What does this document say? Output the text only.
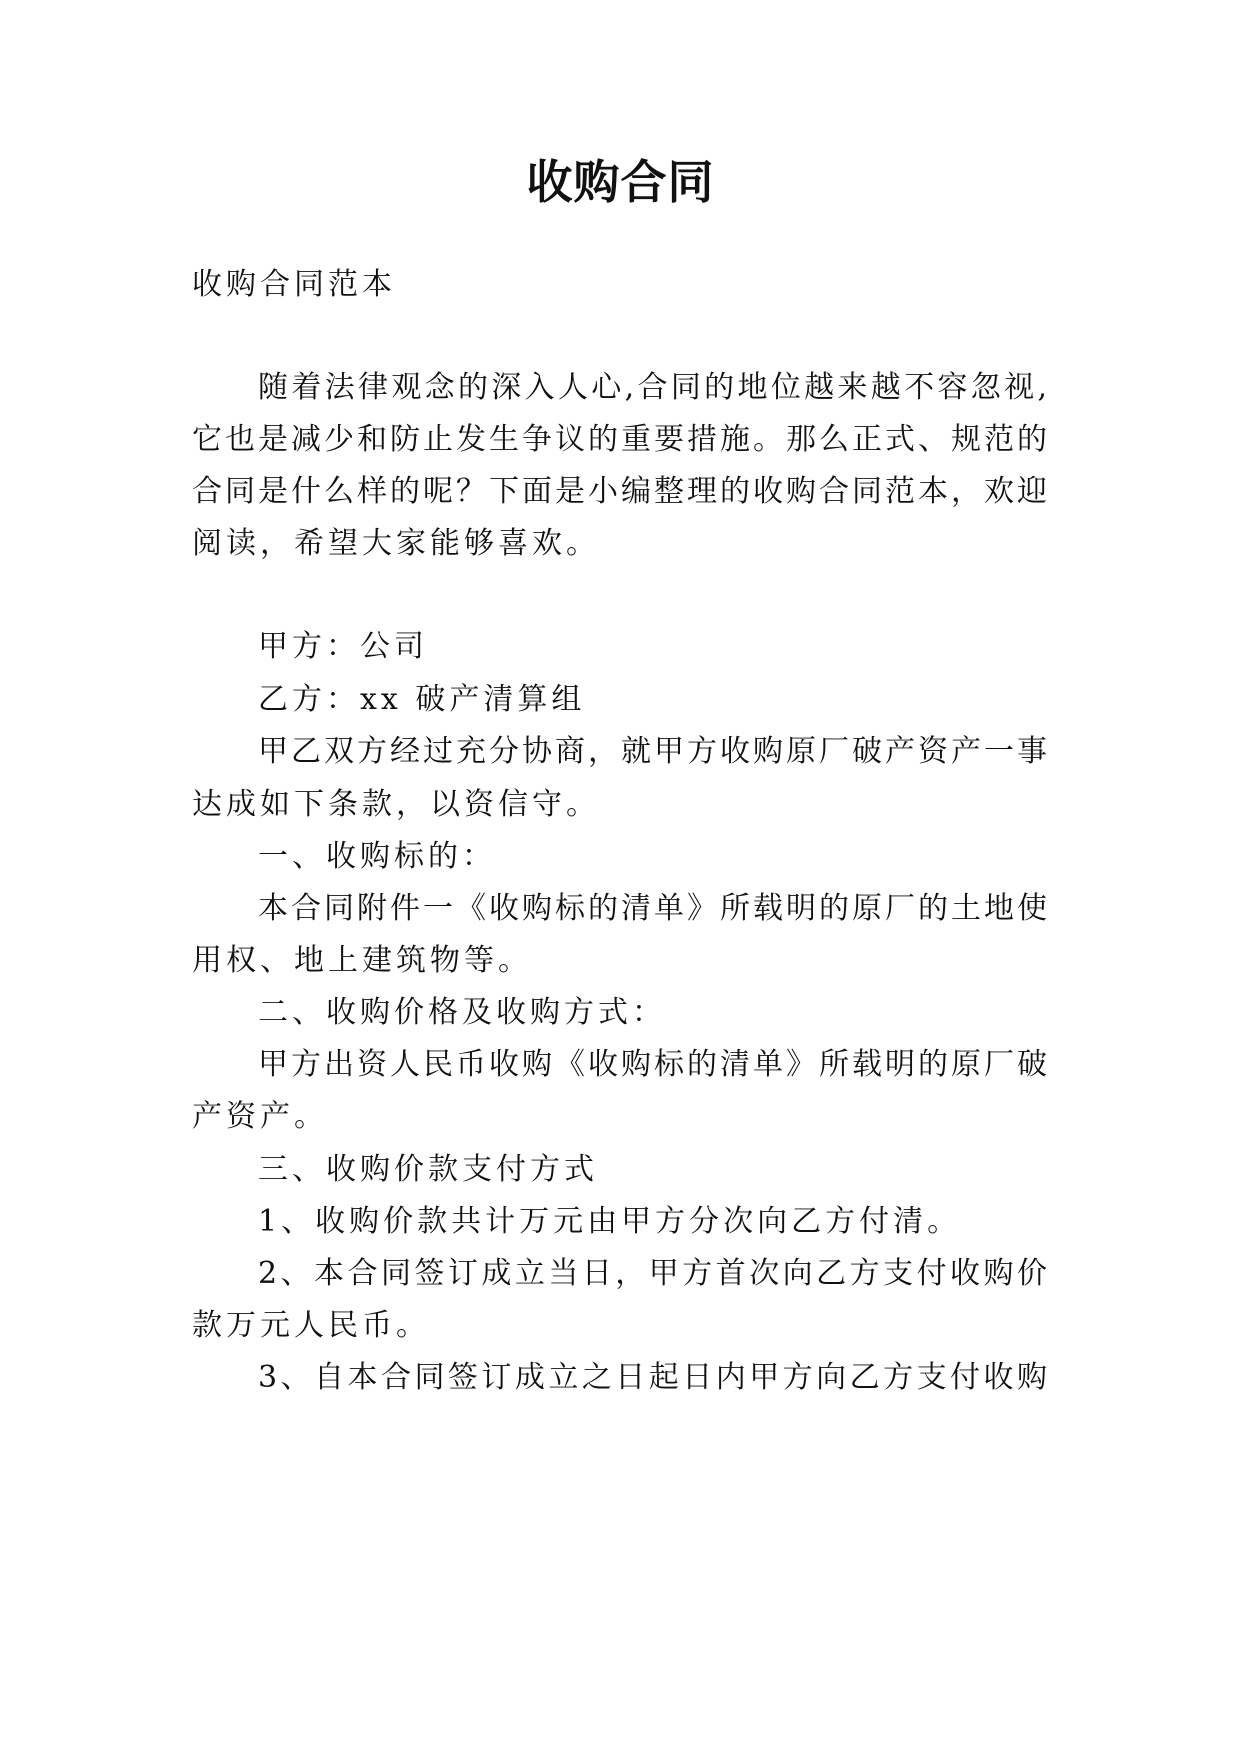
收购合同

收购合同范本

随着法律观念的深入人心,合同的地位越来越不容忽视,

它也是减少和防止发生争议的重要措施。那么正式、规范的

合同是什么样的呢？下面是小编整理的收购合同范本，欢迎

阅读，希望大家能够喜欢。

甲方：公司

乙方：xx 破产清算组

甲乙双方经过充分协商，就甲方收购原厂破产资产一事

达成如下条款，以资信守。

一、收购标的：

本合同附件一《收购标的清单》所载明的原厂的土地使

用权、地上建筑物等。

二、收购价格及收购方式：

甲方出资人民币收购《收购标的清单》所载明的原厂破

产资产。

三、收购价款支付方式

1、收购价款共计万元由甲方分次向乙方付清。

2、本合同签订成立当日，甲方首次向乙方支付收购价

款万元人民币。

3、自本合同签订成立之日起日内甲方向乙方支付收购
